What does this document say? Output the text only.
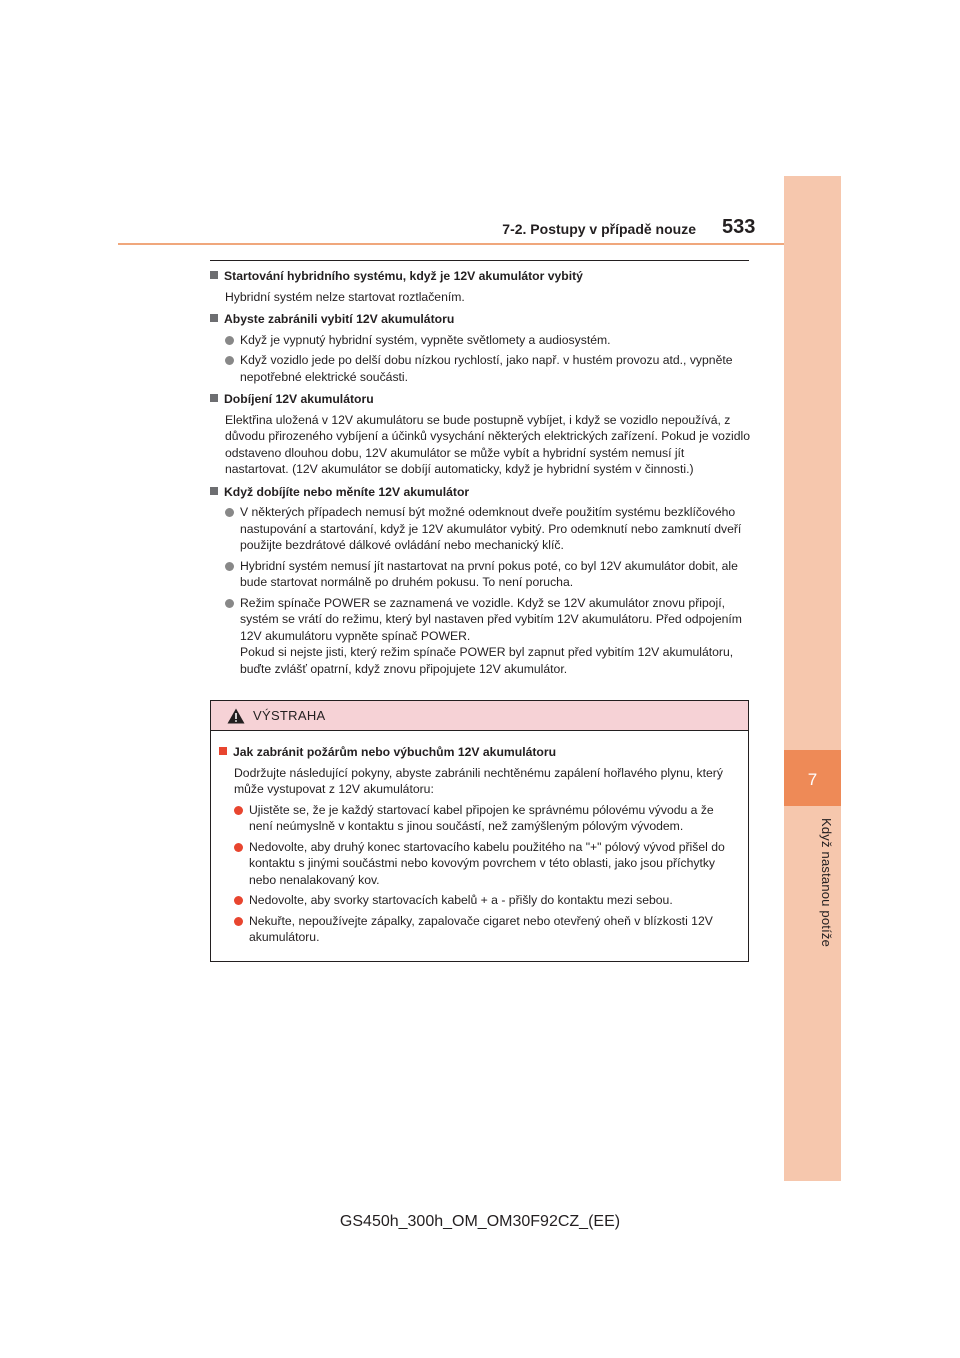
7
Když nastanou potíže
7-2. Postupy v případě nouze 533
Startování hybridního systému, když je 12V akumulátor vybitý
Hybridní systém nelze startovat roztlačením.
Abyste zabránili vybití 12V akumulátoru
Když je vypnutý hybridní systém, vypněte světlomety a audiosystém.
Když vozidlo jede po delší dobu nízkou rychlostí, jako např. v hustém provozu atd., vypněte nepotřebné elektrické součásti.
Dobíjení 12V akumulátoru
Elektřina uložená v 12V akumulátoru se bude postupně vybíjet, i když se vozidlo nepoužívá, z důvodu přirozeného vybíjení a účinků vysychání některých elektrických zařízení. Pokud je vozidlo odstaveno dlouhou dobu, 12V akumulátor se může vybít a hybridní systém nemusí jít nastartovat. (12V akumulátor se dobíjí automaticky, když je hybridní systém v činnosti.)
Když dobíjíte nebo měníte 12V akumulátor
V některých případech nemusí být možné odemknout dveře použitím systému bezklíčového nastupování a startování, když je 12V akumulátor vybitý. Pro odemknutí nebo zamknutí dveří použijte bezdrátové dálkové ovládání nebo mechanický klíč.
Hybridní systém nemusí jít nastartovat na první pokus poté, co byl 12V akumulátor dobit, ale bude startovat normálně po druhém pokusu. To není porucha.
Režim spínače POWER se zaznamená ve vozidle. Když se 12V akumulátor znovu připojí, systém se vrátí do režimu, který byl nastaven před vybitím 12V akumulátoru. Před odpojením 12V akumulátoru vypněte spínač POWER.
Pokud si nejste jisti, který režim spínače POWER byl zapnut před vybitím 12V akumulátoru, buďte zvlášť opatrní, když znovu připojujete 12V akumulátor.
VÝSTRAHA
Jak zabránit požárům nebo výbuchům 12V akumulátoru
Dodržujte následující pokyny, abyste zabránili nechtěnému zapálení hořlavého plynu, který může vystupovat z 12V akumulátoru:
Ujistěte se, že je každý startovací kabel připojen ke správnému pólovému vývodu a že není neúmyslně v kontaktu s jinou součástí, než zamýšleným pólovým vývodem.
Nedovolte, aby druhý konec startovacího kabelu použitého na "+" pólový vývod přišel do kontaktu s jinými součástmi nebo kovovým povrchem v této oblasti, jako jsou příchytky nebo nenalakovaný kov.
Nedovolte, aby svorky startovacích kabelů + a - přišly do kontaktu mezi sebou.
Nekuřte, nepoužívejte zápalky, zapalovače cigaret nebo otevřený oheň v blízkosti 12V akumulátoru.
GS450h_300h_OM_OM30F92CZ_(EE)
